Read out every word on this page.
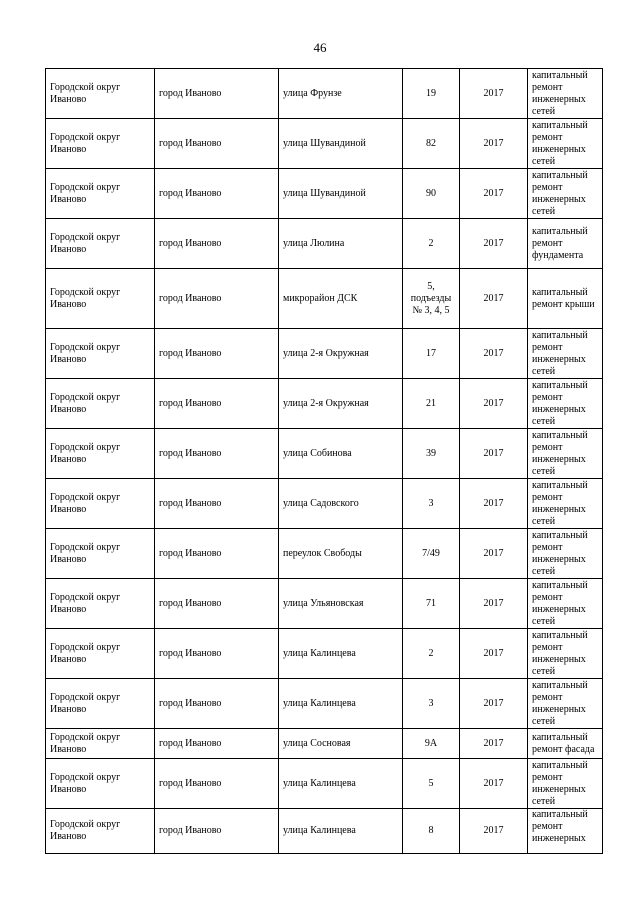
46
Городской округ Иваново	город Иваново	улица Фрунзе	19	2017	капитальный ремонт инженерных сетей
Городской округ Иваново	город Иваново	улица Шувандиной	82	2017	капитальный ремонт инженерных сетей
Городской округ Иваново	город Иваново	улица Шувандиной	90	2017	капитальный ремонт инженерных сетей
Городской округ Иваново	город Иваново	улица Люлина	2	2017	капитальный ремонт фундамента
Городской округ Иваново	город Иваново	микрорайон ДСК	5, подъезды № 3, 4, 5	2017	капитальный ремонт крыши
Городской округ Иваново	город Иваново	улица 2-я Окружная	17	2017	капитальный ремонт инженерных сетей
Городской округ Иваново	город Иваново	улица 2-я Окружная	21	2017	капитальный ремонт инженерных сетей
Городской округ Иваново	город Иваново	улица Собинова	39	2017	капитальный ремонт инженерных сетей
Городской округ Иваново	город Иваново	улица Садовского	3	2017	капитальный ремонт инженерных сетей
Городской округ Иваново	город Иваново	переулок Свободы	7/49	2017	капитальный ремонт инженерных сетей
Городской округ Иваново	город Иваново	улица Ульяновская	71	2017	капитальный ремонт инженерных сетей
Городской округ Иваново	город Иваново	улица Калинцева	2	2017	капитальный ремонт инженерных сетей
Городской округ Иваново	город Иваново	улица Калинцева	3	2017	капитальный ремонт инженерных сетей
Городской округ Иваново	город Иваново	улица Сосновая	9А	2017	капитальный ремонт фасада
Городской округ Иваново	город Иваново	улица Калинцева	5	2017	капитальный ремонт инженерных сетей
Городской округ Иваново	город Иваново	улица Калинцева	8	2017	капитальный ремонт инженерных
